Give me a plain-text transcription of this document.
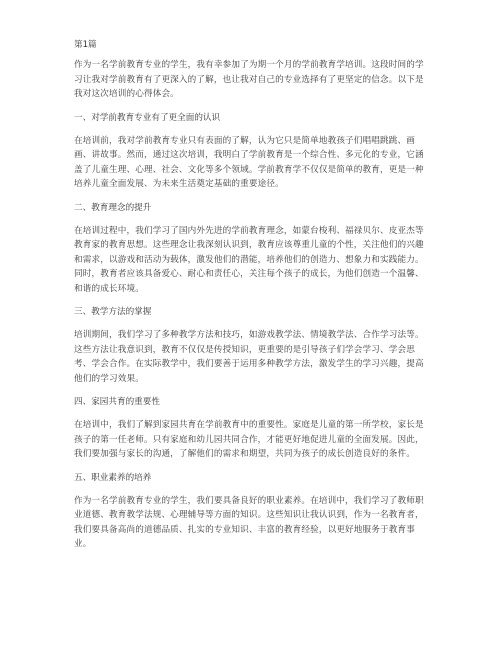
第1篇

作为一名学前教育专业的学生，我有幸参加了为期一个月的学前教育学培训。这段时间的学习让我对学前教育有了更深入的了解，也让我对自己的专业选择有了更坚定的信念。以下是我对这次培训的心得体会。

一、对学前教育专业有了更全面的认识

在培训前，我对学前教育专业只有表面的了解，认为它只是简单地教孩子们唱唱跳跳、画画、讲故事。然而，通过这次培训，我明白了学前教育是一个综合性、多元化的专业，它涵盖了儿童生理、心理、社会、文化等多个领域。学前教育学不仅仅是简单的教育，更是一种培养儿童全面发展、为未来生活奠定基础的重要途径。

二、教育理念的提升

在培训过程中，我们学习了国内外先进的学前教育理念，如蒙台梭利、福禄贝尔、皮亚杰等教育家的教育思想。这些理念让我深刻认识到，教育应该尊重儿童的个性，关注他们的兴趣和需求，以游戏和活动为载体，激发他们的潜能，培养他们的创造力、想象力和实践能力。同时，教育者应该具备爱心、耐心和责任心，关注每个孩子的成长，为他们创造一个温馨、和谐的成长环境。

三、教学方法的掌握

培训期间，我们学习了多种教学方法和技巧，如游戏教学法、情境教学法、合作学习法等。这些方法让我意识到，教育不仅仅是传授知识，更重要的是引导孩子们学会学习、学会思考、学会合作。在实际教学中，我们要善于运用多种教学方法，激发学生的学习兴趣，提高他们的学习效果。

四、家园共育的重要性

在培训中，我们了解到家园共育在学前教育中的重要性。家庭是儿童的第一所学校，家长是孩子的第一任老师。只有家庭和幼儿园共同合作，才能更好地促进儿童的全面发展。因此，我们要加强与家长的沟通，了解他们的需求和期望，共同为孩子的成长创造良好的条件。

五、职业素养的培养

作为一名学前教育专业的学生，我们要具备良好的职业素养。在培训中，我们学习了教师职业道德、教育教学法规、心理辅导等方面的知识。这些知识让我认识到，作为一名教育者，我们要具备高尚的道德品质、扎实的专业知识、丰富的教育经验，以更好地服务于教育事业。
